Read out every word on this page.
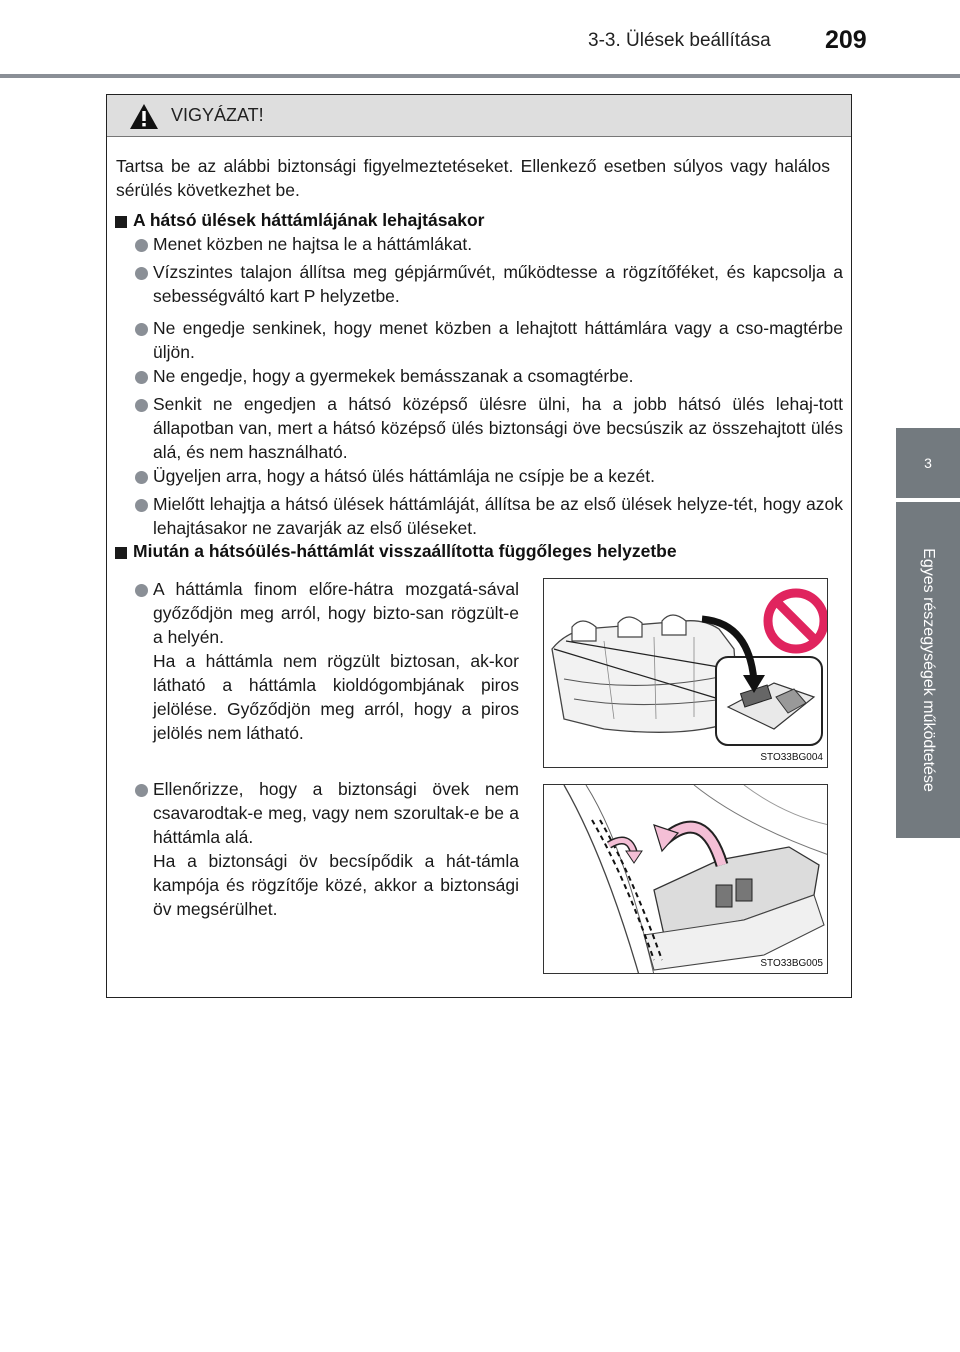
3-3. Ülések beállítása 209
3
Egyes részegységek működtetése
VIGYÁZAT!
Tartsa be az alábbi biztonsági figyelmeztetéseket. Ellenkező esetben súlyos vagy halálos sérülés következhet be.
A hátsó ülések háttámlájának lehajtásakor
Menet közben ne hajtsa le a háttámlákat.
Vízszintes talajon állítsa meg gépjárművét, működtesse a rögzítőféket, és kapcsolja a sebességváltó kart P helyzetbe.
Ne engedje senkinek, hogy menet közben a lehajtott háttámlára vagy a cso-magtérbe üljön.
Ne engedje, hogy a gyermekek bemásszanak a csomagtérbe.
Senkit ne engedjen a hátsó középső ülésre ülni, ha a jobb hátsó ülés lehaj-tott állapotban van, mert a hátsó középső ülés biztonsági öve becsúszik az összehajtott ülés alá, és nem használható.
Ügyeljen arra, hogy a hátsó ülés háttámlája ne csípje be a kezét.
Mielőtt lehajtja a hátsó ülések háttámláját, állítsa be az első ülések helyze-tét, hogy azok lehajtásakor ne zavarják az első üléseket.
Miután a hátsóülés-háttámlát visszaállította függőleges helyzetbe
A háttámla finom előre-hátra mozgatá-sával győződjön meg arról, hogy bizto-san rögzült-e a helyén.
Ha a háttámla nem rögzült biztosan, ak-kor látható a háttámla kioldógombjának piros jelölése. Győződjön meg arról, hogy a piros jelölés nem látható.
Ellenőrizze, hogy a biztonsági övek nem csavarodtak-e meg, vagy nem szorultak-e be a háttámla alá.
Ha a biztonsági öv becsípődik a hát-támla kampója és rögzítője közé, akkor a biztonsági öv megsérülhet.
STO33BG004
STO33BG005
